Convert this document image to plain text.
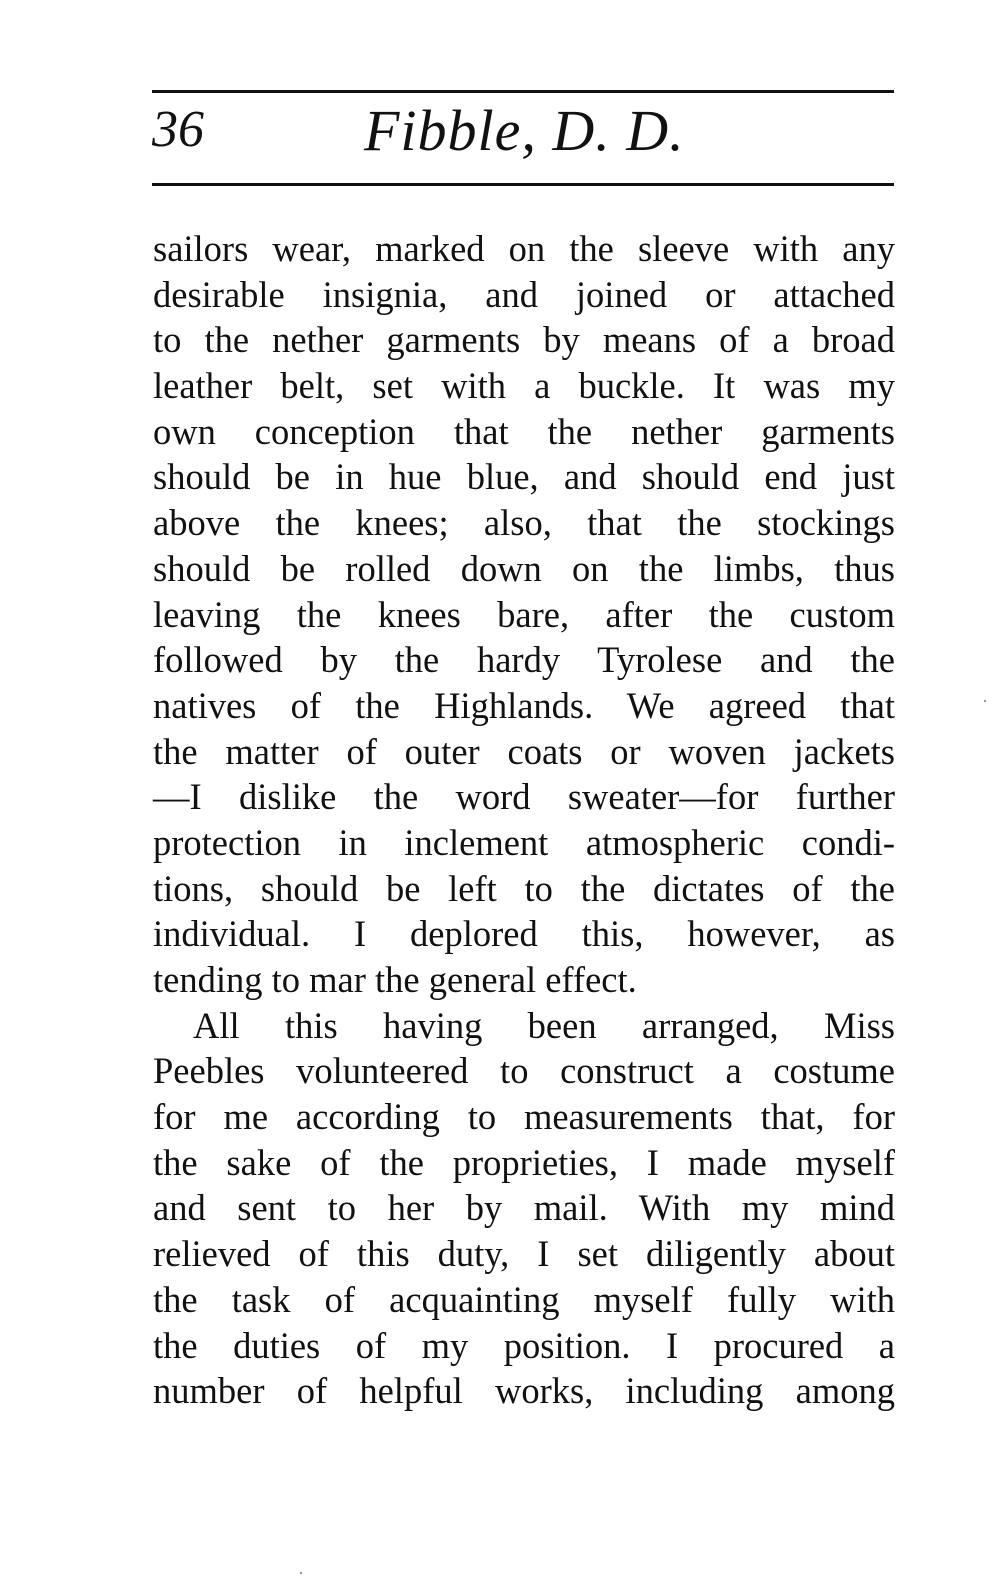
36	Fibble, D. D.
sailors wear, marked on the sleeve with any
desirable insignia, and joined or attached
to the nether garments by means of a broad
leather belt, set with a buckle. It was my
own conception that the nether garments
should be in hue blue, and should end just
above the knees; also, that the stockings
should be rolled down on the limbs, thus
leaving the knees bare, after the custom
followed by the hardy Tyrolese and the
natives of the Highlands. We agreed that
the matter of outer coats or woven jackets
—I dislike the word sweater—for further
protection in inclement atmospheric condi-
tions, should be left to the dictates of the
individual. I deplored this, however, as
tending to mar the general effect.
All this having been arranged, Miss
Peebles volunteered to construct a costume
for me according to measurements that, for
the sake of the proprieties, I made myself
and sent to her by mail. With my mind
relieved of this duty, I set diligently about
the task of acquainting myself fully with
the duties of my position. I procured a
number of helpful works, including among
